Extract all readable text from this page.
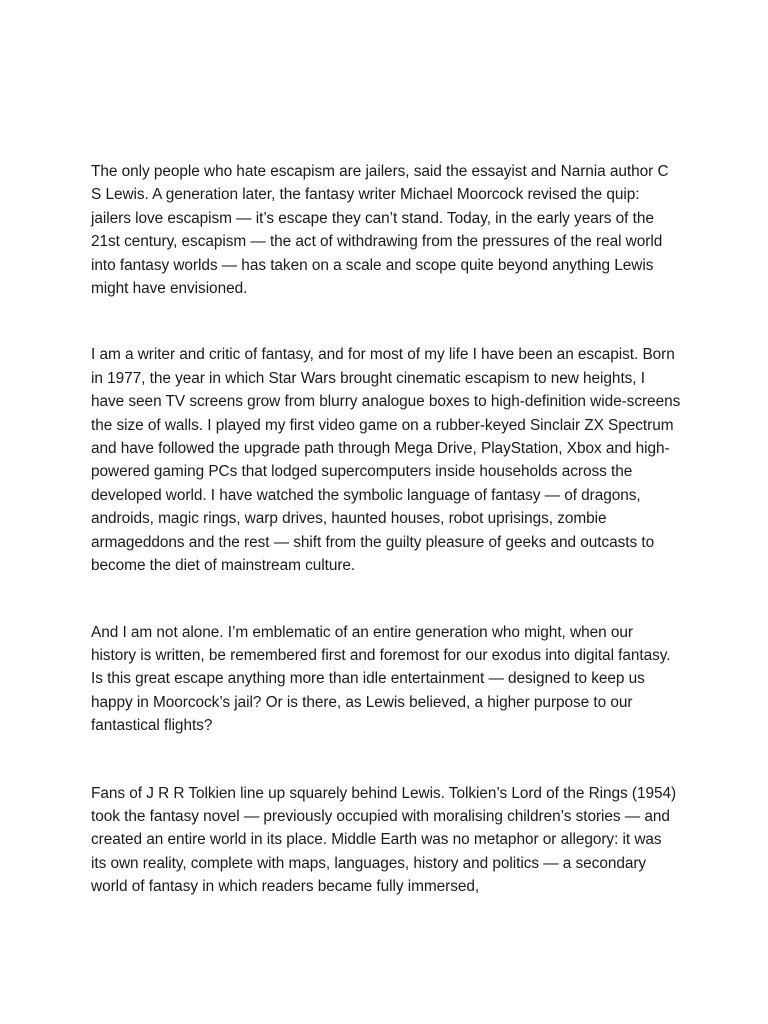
The only people who hate escapism are jailers, said the essayist and Narnia author C S Lewis. A generation later, the fantasy writer Michael Moorcock revised the quip: jailers love escapism — it’s escape they can’t stand. Today, in the early years of the 21st century, escapism — the act of withdrawing from the pressures of the real world into fantasy worlds — has taken on a scale and scope quite beyond anything Lewis might have envisioned.

I am a writer and critic of fantasy, and for most of my life I have been an escapist. Born in 1977, the year in which Star Wars brought cinematic escapism to new heights, I have seen TV screens grow from blurry analogue boxes to high-definition wide-screens the size of walls. I played my first video game on a rubber-keyed Sinclair ZX Spectrum and have followed the upgrade path through Mega Drive, PlayStation, Xbox and high-powered gaming PCs that lodged supercomputers inside households across the developed world. I have watched the symbolic language of fantasy — of dragons, androids, magic rings, warp drives, haunted houses, robot uprisings, zombie armageddons and the rest — shift from the guilty pleasure of geeks and outcasts to become the diet of mainstream culture.

And I am not alone. I’m emblematic of an entire generation who might, when our history is written, be remembered first and foremost for our exodus into digital fantasy. Is this great escape anything more than idle entertainment — designed to keep us happy in Moorcock’s jail? Or is there, as Lewis believed, a higher purpose to our fantastical flights?

Fans of J R R Tolkien line up squarely behind Lewis. Tolkien’s Lord of the Rings (1954) took the fantasy novel — previously occupied with moralising children’s stories — and created an entire world in its place. Middle Earth was no metaphor or allegory: it was its own reality, complete with maps, languages, history and politics — a secondary world of fantasy in which readers became fully immersed,
